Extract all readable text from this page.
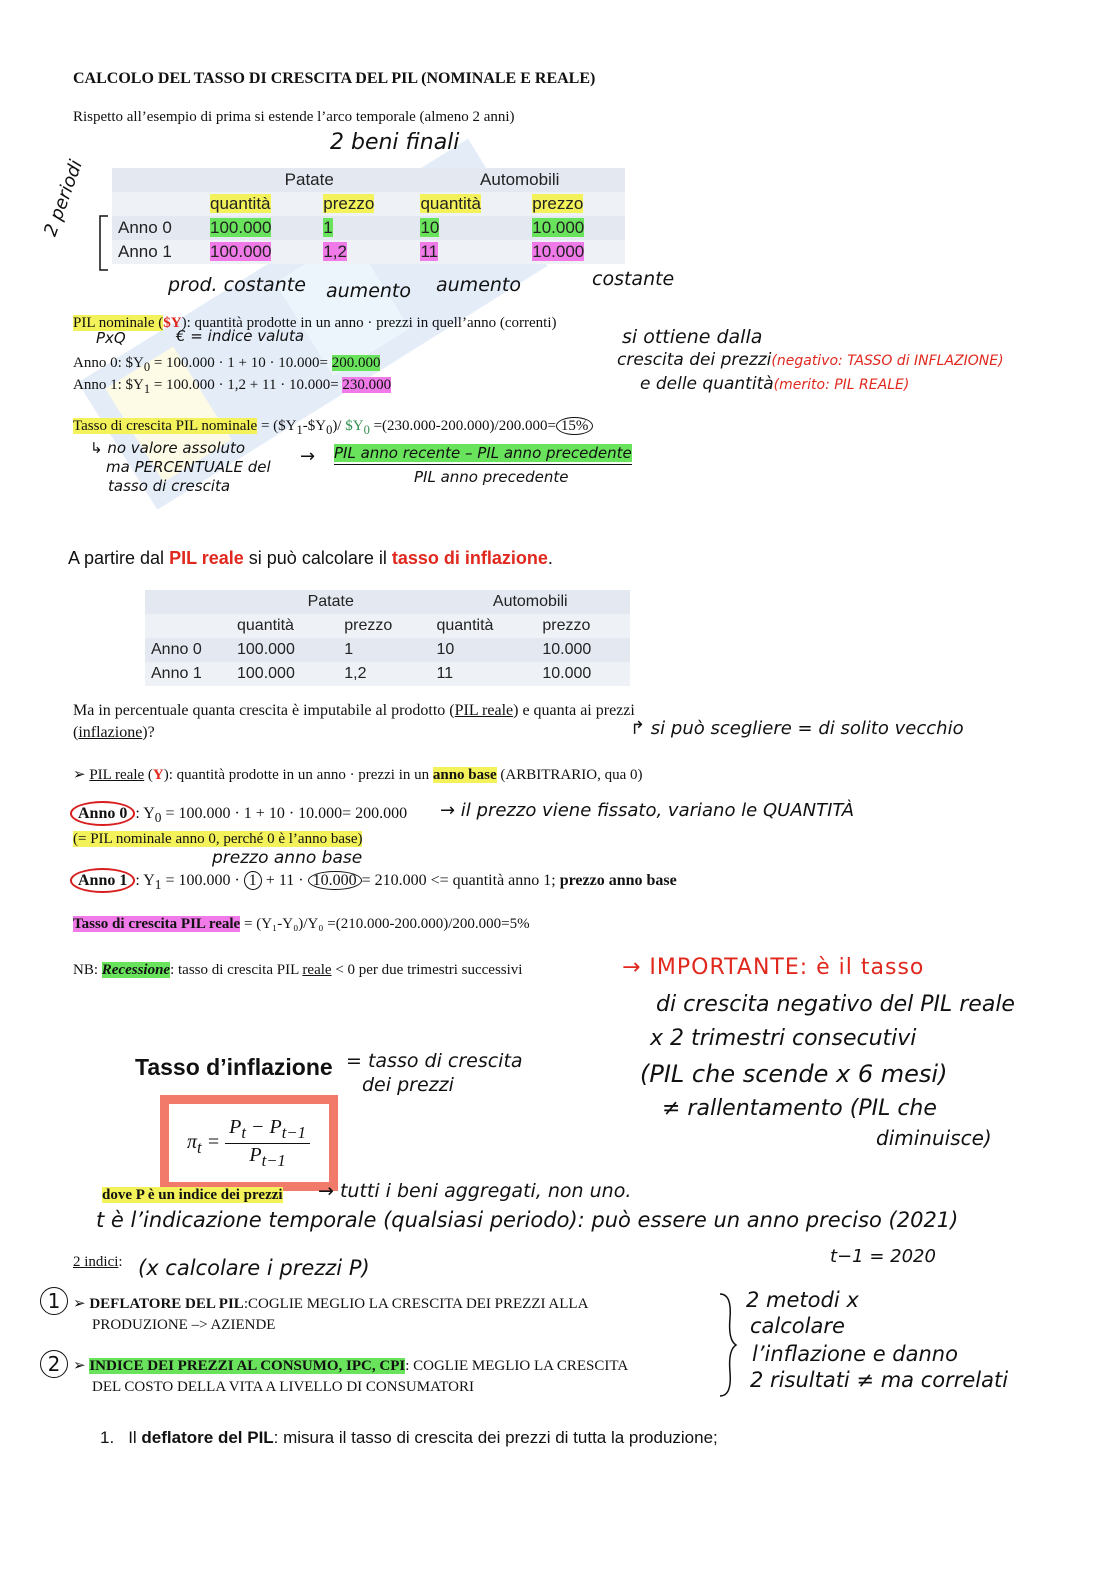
CALCOLO DEL TASSO DI CRESCITA DEL PIL (NOMINALE E REALE)
Rispetto all’esempio di prima si estende l’arco temporale (almeno 2 anni)
2 beni finali
2 periodi
		Patate		Automobili	
	quantità	prezzo	quantità	prezzo
Anno 0	100.000	1	10	10.000
Anno 1	100.000	1,2	11	10.000
prod. costante aumento aumento	costante
PIL nominale ($Y): quantità prodotte in un anno · prezzi in quell’anno (correnti)
PxQ	€ = indice valuta
Anno 0: $\$Y_0 = 100.000 \cdot 1 + 10 \cdot 10.000= 200.000$
Anno 1: $\$Y_1 = 100.000 \cdot 1,2 + 11 \cdot 10.000= 230.000$
si ottiene dalla
crescita dei prezzi(negativo: TASSO di INFLAZIONE)
e delle quantità(merito: PIL REALE)
Tasso di crescita PIL nominale = $(\$Y_1-\$Y_0)/$ $\$Y_0 =(230.000-200.000)/200.000= 15\%$
↳ no valore assoluto
ma PERCENTUALE del
tasso di crescita
→ PIL anno recente – PIL anno precedente
PIL anno precedente
A partire dal PIL reale si può calcolare il tasso di inflazione.
	Patate		Automobili	
	quantità	prezzo	quantità	prezzo
Anno 0	100.000	1	10	10.000
Anno 1	100.000	1,2	11	10.000
Ma in percentuale quanta crescita è imputabile al prodotto (PIL reale) e quanta ai prezzi
(inflazione)?	↱ si può scegliere = di solito vecchio
➢ PIL reale (Y): quantità prodotte in un anno · prezzi in un anno base (ARBITRARIO, qua 0)
Anno 0 : $Y_0 = 100.000 \cdot 1 + 10 \cdot 10.000= 200.000$ → il prezzo viene fissato, variano le QUANTITÀ
(= PIL nominale anno 0, perché 0 è l’anno base)
prezzo anno base
Anno 1 : $Y_1 = 100.000 \cdot 1 + 11 \cdot 10.000 = 210.000$ <= quantità anno 1; prezzo anno base
Tasso di crescita PIL reale = (Y₁-Y₀)/Y₀ =(210.000-200.000)/200.000=5%
NB: Recessione: tasso di crescita PIL reale < 0 per due trimestri successivi	→ IMPORTANTE: è il tasso
di crescita negativo del PIL reale
x 2 trimestri consecutivi
(PIL che scende x 6 mesi)
≠ rallentamento (PIL che
diminuisce)
Tasso d’inflazione = tasso di crescita
dei prezzi
$\pi_t = \frac{P_t - P_{t-1}}{P_{t-1}}$
dove P è un indice dei prezzi → tutti i beni aggregati, non uno.
t è l’indicazione temporale (qualsiasi periodo): può essere un anno preciso (2021)
t−1 = 2020
2 indici: (x calcolare i prezzi P)
1 ➢ DEFLATORE DEL PIL:COGLIE MEGLIO LA CRESCITA DEI PREZZI ALLA
PRODUZIONE –> AZIENDE
2 ➢ INDICE DEI PREZZI AL CONSUMO, IPC, CPI: COGLIE MEGLIO LA CRESCITA
DEL COSTO DELLA VITA A LIVELLO DI CONSUMATORI
2 metodi x
calcolare
l’inflazione e danno
2 risultati ≠ ma correlati
1. Il deflatore del PIL: misura il tasso di crescita dei prezzi di tutta la produzione;
